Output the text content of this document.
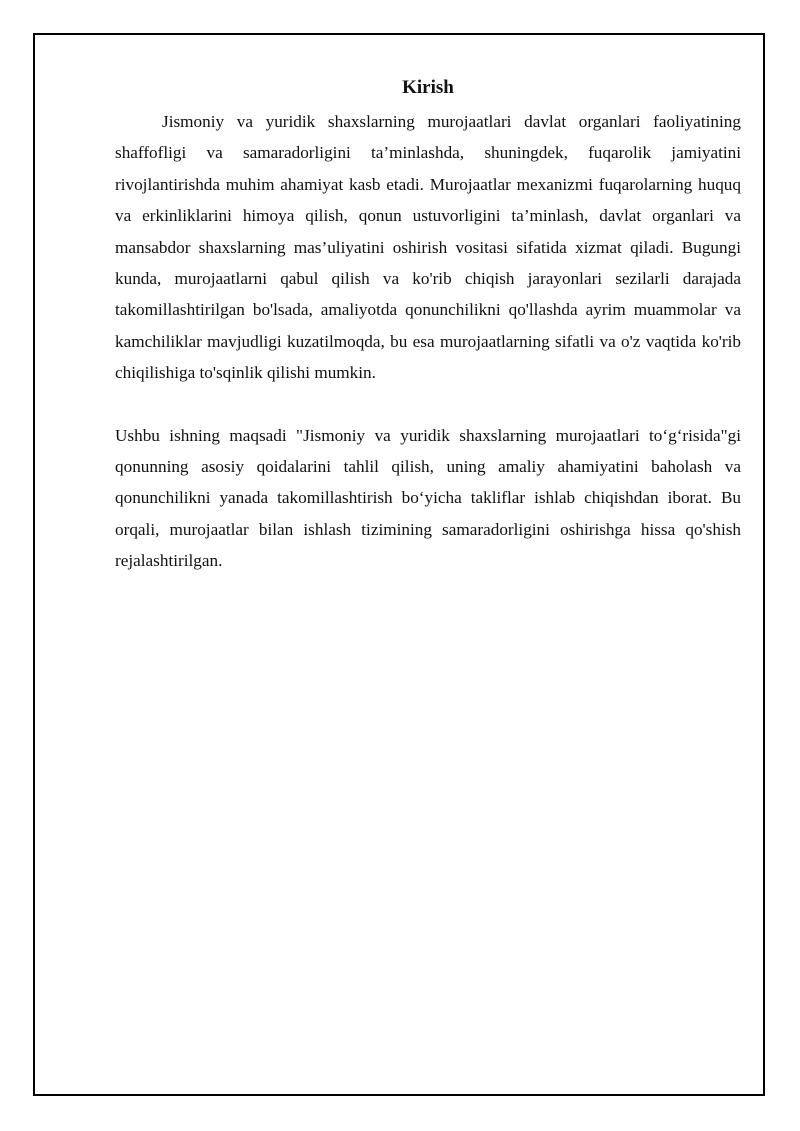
Kirish

Jismoniy va yuridik shaxslarning murojaatlari davlat organlari faoliyatining shaffofligi va samaradorligini ta’minlashda, shuningdek, fuqarolik jamiyatini rivojlantirishda muhim ahamiyat kasb etadi. Murojaatlar mexanizmi fuqarolarning huquq va erkinliklarini himoya qilish, qonun ustuvorligini ta’minlash, davlat organlari va mansabdor shaxslarning mas’uliyatini oshirish vositasi sifatida xizmat qiladi. Bugungi kunda, murojaatlarni qabul qilish va ko'rib chiqish jarayonlari sezilarli darajada takomillashtirilgan bo'lsada, amaliyotda qonunchilikni qo'llashda ayrim muammolar va kamchiliklar mavjudligi kuzatilmoqda, bu esa murojaatlarning sifatli va o'z vaqtida ko'rib chiqilishiga to'sqinlik qilishi mumkin.

Ushbu ishning maqsadi "Jismoniy va yuridik shaxslarning murojaatlari to‘g‘risida"gi qonunning asosiy qoidalarini tahlil qilish, uning amaliy ahamiyatini baholash va qonunchilikni yanada takomillashtirish bo‘yicha takliflar ishlab chiqishdan iborat. Bu orqali, murojaatlar bilan ishlash tizimining samaradorligini oshirishga hissa qo'shish rejalashtirilgan.
